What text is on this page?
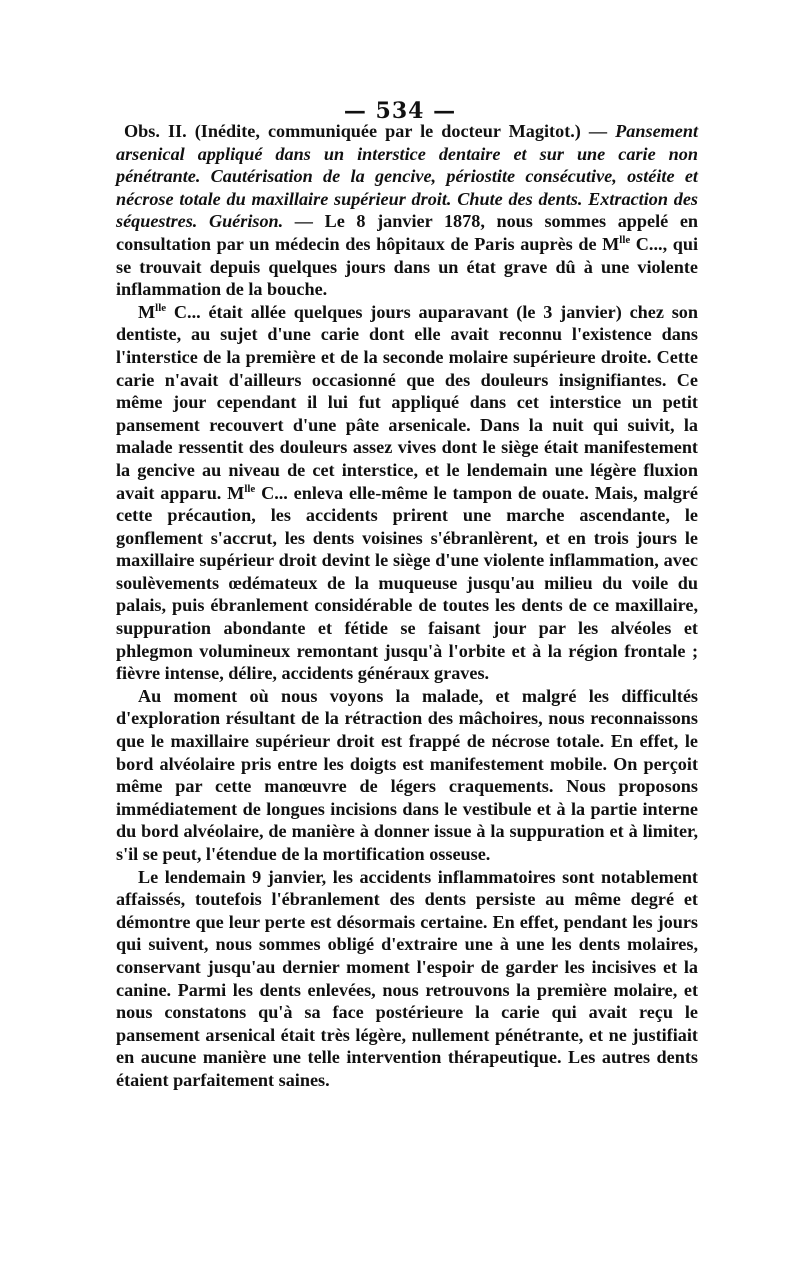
— 534 —

Obs. II. (Inédite, communiquée par le docteur Magitot.) — Pansement arsenical appliqué dans un interstice dentaire et sur une carie non pénétrante. Cautérisation de la gencive, périostite consécutive, ostéite et nécrose totale du maxillaire supérieur droit. Chute des dents. Extraction des séquestres. Guérison. — Le 8 janvier 1878, nous sommes appelé en consultation par un médecin des hôpitaux de Paris auprès de $M^{lle}$ C..., qui se trouvait depuis quelques jours dans un état grave dû à une violente inflammation de la bouche.

$M^{lle}$ C... était allée quelques jours auparavant (le 3 janvier) chez son dentiste, au sujet d'une carie dont elle avait reconnu l'existence dans l'interstice de la première et de la seconde molaire supérieure droite. Cette carie n'avait d'ailleurs occasionné que des douleurs insignifiantes. Ce même jour cependant il lui fut appliqué dans cet interstice un petit pansement recouvert d'une pâte arsenicale. Dans la nuit qui suivit, la malade ressentit des douleurs assez vives dont le siège était manifestement la gencive au niveau de cet interstice, et le lendemain une légère fluxion avait apparu. $M^{lle}$ C... enleva elle-même le tampon de ouate. Mais, malgré cette précaution, les accidents prirent une marche ascendante, le gonflement s'accrut, les dents voisines s'ébranlèrent, et en trois jours le maxillaire supérieur droit devint le siège d'une violente inflammation, avec soulèvements œdémateux de la muqueuse jusqu'au milieu du voile du palais, puis ébranlement considérable de toutes les dents de ce maxillaire, suppuration abondante et fétide se faisant jour par les alvéoles et phlegmon volumineux remontant jusqu'à l'orbite et à la région frontale ; fièvre intense, délire, accidents généraux graves.

Au moment où nous voyons la malade, et malgré les difficultés d'exploration résultant de la rétraction des mâchoires, nous reconnaissons que le maxillaire supérieur droit est frappé de nécrose totale. En effet, le bord alvéolaire pris entre les doigts est manifestement mobile. On perçoit même par cette manœuvre de légers craquements. Nous proposons immédiatement de longues incisions dans le vestibule et à la partie interne du bord alvéolaire, de manière à donner issue à la suppuration et à limiter, s'il se peut, l'étendue de la mortification osseuse.

Le lendemain 9 janvier, les accidents inflammatoires sont notablement affaissés, toutefois l'ébranlement des dents persiste au même degré et démontre que leur perte est désormais certaine. En effet, pendant les jours qui suivent, nous sommes obligé d'extraire une à une les dents molaires, conservant jusqu'au dernier moment l'espoir de garder les incisives et la canine. Parmi les dents enlevées, nous retrouvons la première molaire, et nous constatons qu'à sa face postérieure la carie qui avait reçu le pansement arsenical était très légère, nullement pénétrante, et ne justifiait en aucune manière une telle intervention thérapeutique. Les autres dents étaient parfaitement saines.
